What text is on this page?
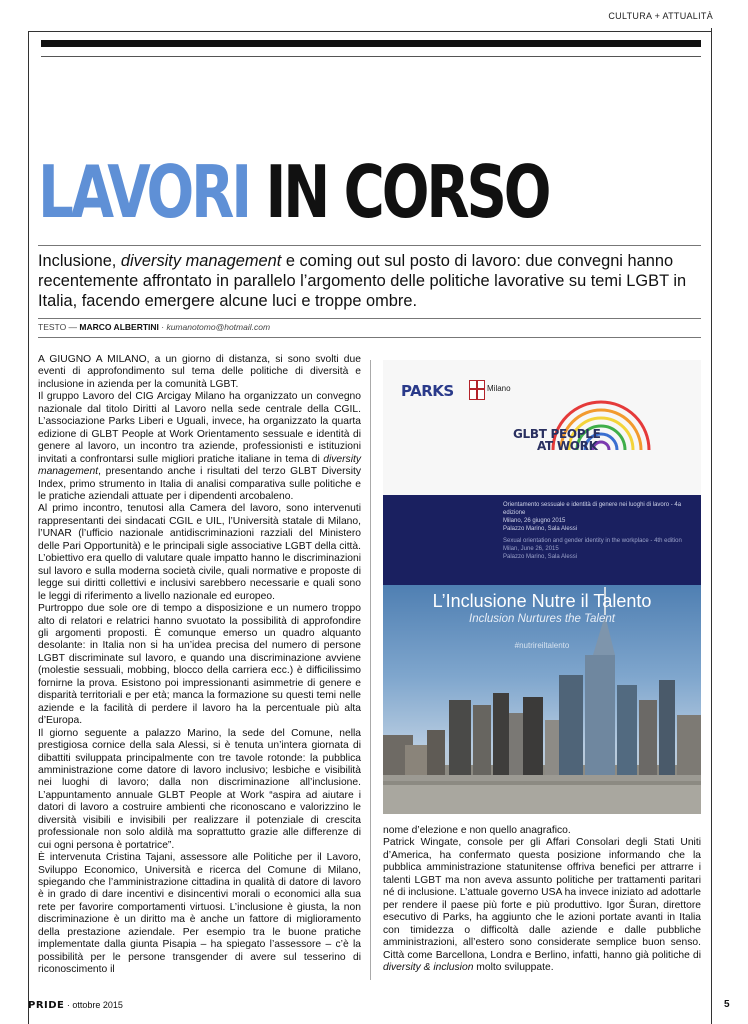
CULTURA + ATTUALITÀ
LAVORI IN CORSO

Inclusione, diversity management e coming out sul posto di lavoro: due convegni hanno recentemente affrontato in parallelo l’argomento delle politiche lavorative su temi LGBT in Italia, facendo emergere alcune luci e troppe ombre.

TESTO — MARCO ALBERTINI · kumanotomo@hotmail.com

A GIUGNO A MILANO, a un giorno di distanza, si sono svolti due eventi di approfondimento sul tema delle politiche di diversità e inclusione in azienda per la comunità LGBT.

Il gruppo Lavoro del CIG Arcigay Milano ha organizzato un convegno nazionale dal titolo Diritti al Lavoro nella sede centrale della CGIL. L’associazione Parks Liberi e Uguali, invece, ha organizzato la quarta edizione di GLBT People at Work Orientamento sessuale e identità di genere al lavoro, un incontro tra aziende, professionisti e istituzioni invitati a confrontarsi sulle migliori pratiche italiane in tema di diversity management, presentando anche i risultati del terzo GLBT Diversity Index, primo strumento in Italia di analisi comparativa sulle politiche e le pratiche aziendali attuate per i dipendenti arcobaleno.

Al primo incontro, tenutosi alla Camera del lavoro, sono intervenuti rappresentanti dei sindacati CGIL e UIL, l’Università statale di Milano, l’UNAR (l’ufficio nazionale antidiscriminazioni razziali del Ministero delle Pari Opportunità) e le principali sigle associative LGBT della città. L’obiettivo era quello di valutare quale impatto hanno le discriminazioni sul lavoro e sulla moderna società civile, quali normative e proposte di legge sui diritti collettivi e inclusivi sarebbero necessarie e quali sono le leggi di riferimento a livello nazionale ed europeo.

Purtroppo due sole ore di tempo a disposizione e un numero troppo alto di relatori e relatrici hanno svuotato la possibilità di approfondire gli argomenti proposti. È comunque emerso un quadro alquanto desolante: in Italia non si ha un’idea precisa del numero di persone LGBT discriminate sul lavoro, e quando una discriminazione avviene (molestie sessuali, mobbing, blocco della carriera ecc.) è difficilissimo fornirne la prova. Esistono poi impressionanti asimmetrie di genere e disparità territoriali e per età; manca la formazione su questi temi nelle aziende e la facilità di perdere il lavoro ha la percentuale più alta d’Europa.

Il giorno seguente a palazzo Marino, la sede del Comune, nella prestigiosa cornice della sala Alessi, si è tenuta un’intera giornata di dibattiti sviluppata principalmente con tre tavole rotonde: la pubblica amministrazione come datore di lavoro inclusivo; lesbiche e visibilità nei luoghi di lavoro; dalla non discriminazione all’inclusione. L’appuntamento annuale GLBT People at Work “aspira ad aiutare i datori di lavoro a costruire ambienti che riconoscano e valorizzino le diversità visibili e invisibili per realizzare il potenziale di crescita professionale non solo aldilà ma soprattutto grazie alle differenze di cui ogni persona è portatrice”.

È intervenuta Cristina Tajani, assessore alle Politiche per il Lavoro, Sviluppo Economico, Università e ricerca del Comune di Milano, spiegando che l’amministrazione cittadina in qualità di datore di lavoro è in grado di dare incentivi e disincentivi morali o economici alla sua rete per favorire comportamenti virtuosi. L’inclusione è giusta, la non discriminazione è un diritto ma è anche un fattore di miglioramento della prestazione aziendale. Per esempio tra le buone pratiche implementate dalla giunta Pisapia – ha spiegato l’assessore – c’è la possibilità per le persone transgender di avere sul tesserino di riconoscimento il

PARKS	Milano
GLBT PEOPLE
AT WORK
Orientamento sessuale e identità di genere nei luoghi di lavoro - 4a edizione
Milano, 26 giugno 2015
Palazzo Marino, Sala Alessi
Sexual orientation and gender identity in the workplace - 4th edition
Milan, June 26, 2015
Palazzo Marino, Sala Alessi
L’Inclusione Nutre il Talento
Inclusion Nurtures the Talent
#nutrireiltalento

nome d’elezione e non quello anagrafico.

Patrick Wingate, console per gli Affari Consolari degli Stati Uniti d’America, ha confermato questa posizione informando che la pubblica amministrazione statunitense offriva benefici per attrarre i talenti LGBT ma non aveva assunto politiche per trattamenti paritari né di inclusione. L’attuale governo USA ha invece iniziato ad adottarle per rendere il paese più forte e più produttivo. Igor Šuran, direttore esecutivo di Parks, ha aggiunto che le azioni portate avanti in Italia con timidezza o difficoltà dalle aziende e dalle pubbliche amministrazioni, all’estero sono considerate semplice buon senso. Città come Barcellona, Londra e Berlino, infatti, hanno già politiche di diversity & inclusion molto sviluppate.

PRIDE · ottobre 2015	5
